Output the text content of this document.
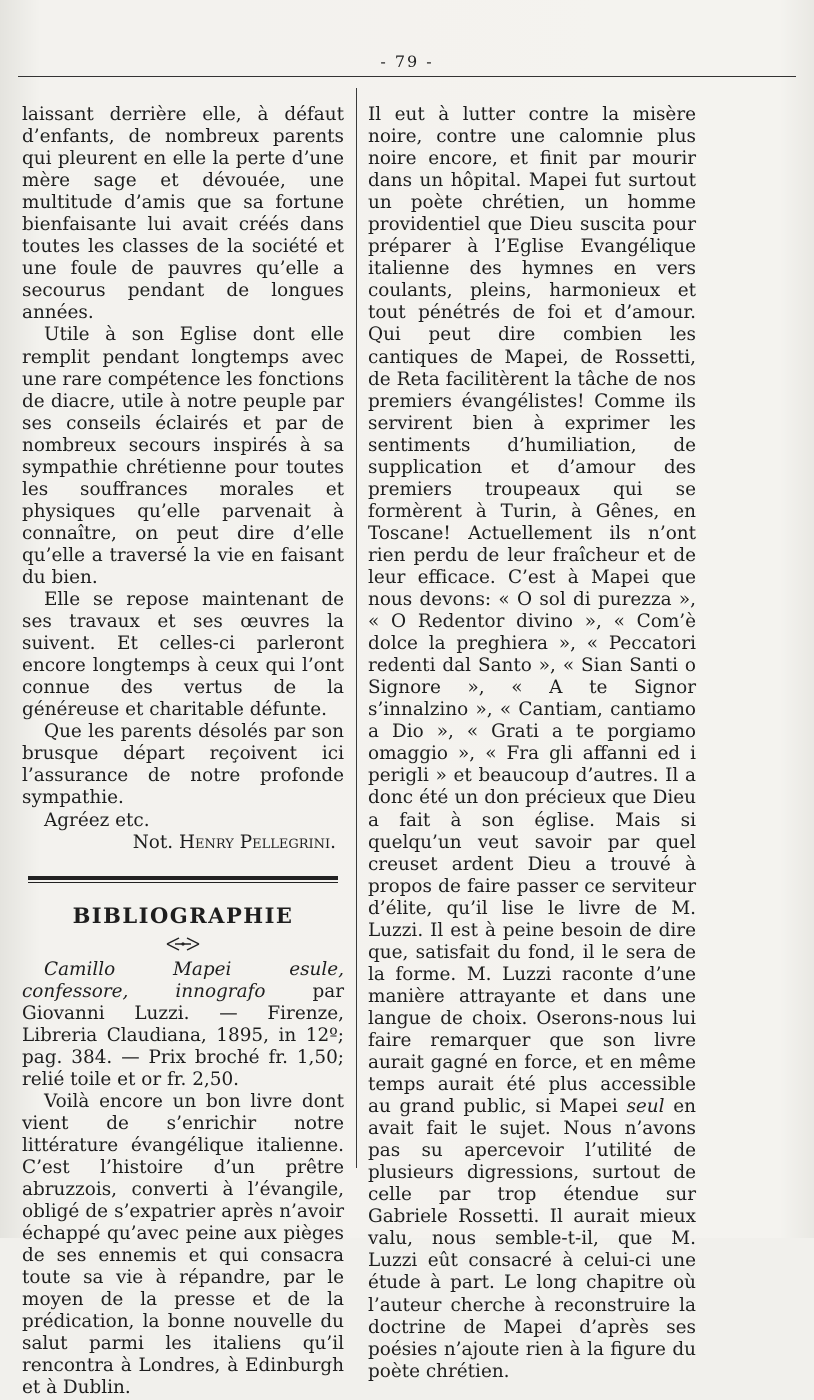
- 79 -

laissant derrière elle, à défaut d’enfants, de nombreux parents qui pleurent en elle la perte d’une mère sage et dévouée, une multitude d’amis que sa fortune bienfaisante lui avait créés dans toutes les classes de la société et une foule de pauvres qu’elle a secourus pendant de longues années.

Utile à son Eglise dont elle remplit pendant longtemps avec une rare compétence les fonctions de diacre, utile à notre peuple par ses conseils éclairés et par de nombreux secours inspirés à sa sympathie chrétienne pour toutes les souffrances morales et physiques qu’elle parvenait à connaître, on peut dire d’elle qu’elle a traversé la vie en faisant du bien.

Elle se repose maintenant de ses travaux et ses œuvres la suivent. Et celles-ci parleront encore longtemps à ceux qui l’ont connue des vertus de la généreuse et charitable défunte.

Que les parents désolés par son brusque départ reçoivent ici l’assurance de notre profonde sympathie.

Agréez etc.

Not. Henry Pellegrini.

BIBLIOGRAPHIE

Camillo Mapei esule, confessore, innografo par Giovanni Luzzi. — Firenze, Libreria Claudiana, 1895, in 12º; pag. 384. — Prix broché fr. 1,50; relié toile et or fr. 2,50.

Voilà encore un bon livre dont vient de s’enrichir notre littérature évangélique italienne. C’est l’histoire d’un prêtre abruzzois, converti à l’évangile, obligé de s’expatrier après n’avoir échappé qu’avec peine aux pièges de ses ennemis et qui consacra toute sa vie à répandre, par le moyen de la presse et de la prédication, la bonne nouvelle du salut parmi les italiens qu’il rencontra à Londres, à Edinburgh et à Dublin.

Il eut à lutter contre la misère noire, contre une calomnie plus noire encore, et finit par mourir dans un hôpital. Mapei fut surtout un poète chrétien, un homme providentiel que Dieu suscita pour préparer à l’Eglise Evangélique italienne des hymnes en vers coulants, pleins, harmonieux et tout pénétrés de foi et d’amour. Qui peut dire combien les cantiques de Mapei, de Rossetti, de Reta facilitèrent la tâche de nos premiers évangélistes! Comme ils servirent bien à exprimer les sentiments d’humiliation, de supplication et d’amour des premiers troupeaux qui se formèrent à Turin, à Gênes, en Toscane! Actuellement ils n’ont rien perdu de leur fraîcheur et de leur efficace. C’est à Mapei que nous devons: « O sol di purezza », « O Redentor divino », « Com’è dolce la preghiera », « Peccatori redenti dal Santo », « Sian Santi o Signore », « A te Signor s’innalzino », « Cantiam, cantiamo a Dio », « Grati a te porgiamo omaggio », « Fra gli affanni ed i perigli » et beaucoup d’autres. Il a donc été un don précieux que Dieu a fait à son église. Mais si quelqu’un veut savoir par quel creuset ardent Dieu a trouvé à propos de faire passer ce serviteur d’élite, qu’il lise le livre de M. Luzzi. Il est à peine besoin de dire que, satisfait du fond, il le sera de la forme. M. Luzzi raconte d’une manière attrayante et dans une langue de choix. Oserons-nous lui faire remarquer que son livre aurait gagné en force, et en même temps aurait été plus accessible au grand public, si Mapei seul en avait fait le sujet. Nous n’avons pas su apercevoir l’utilité de plusieurs digressions, surtout de celle par trop étendue sur Gabriele Rossetti. Il aurait mieux valu, nous semble-t-il, que M. Luzzi eût consacré à celui-ci une étude à part. Le long chapitre où l’auteur cherche à reconstruire la doctrine de Mapei d’après ses poésies n’ajoute rien à la figure du poète chrétien.
